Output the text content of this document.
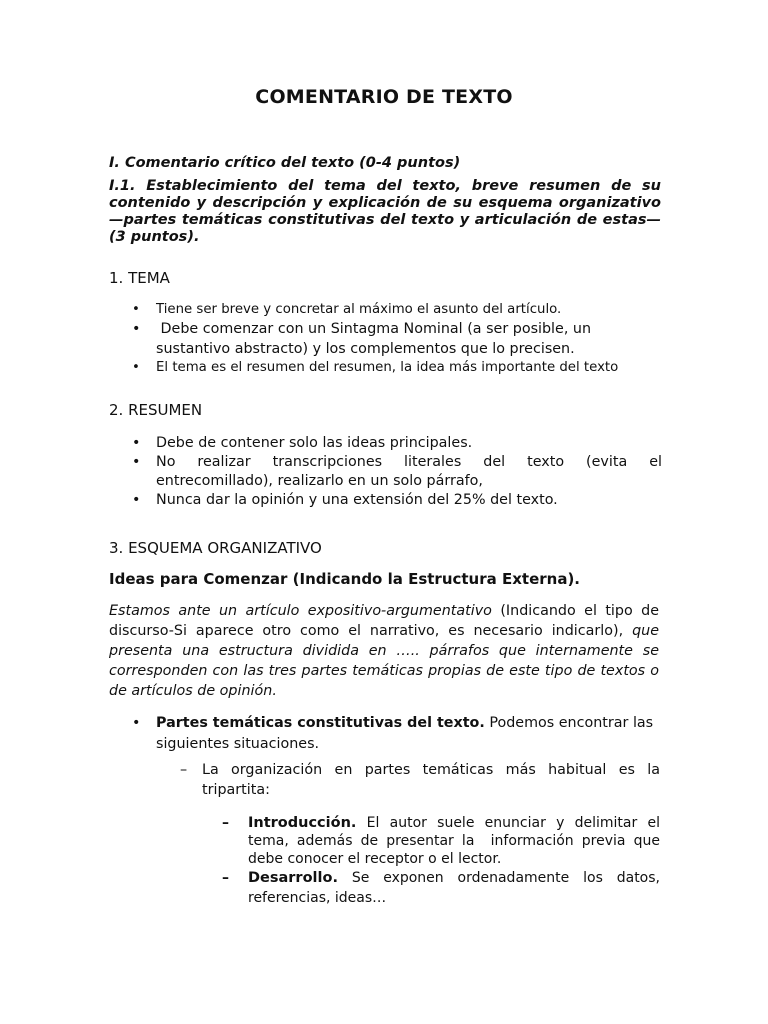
COMENTARIO DE TEXTO
I. Comentario crítico del texto (0-4 puntos)
I.1. Establecimiento del tema del texto, breve resumen de su contenido y descripción y explicación de su esquema organizativo —partes temáticas constitutivas del texto y articulación de estas— (3 puntos).
1. TEMA
• Tiene ser breve y concretar al máximo el asunto del artículo.
•  Debe comenzar con un Sintagma Nominal (a ser posible, un sustantivo abstracto) y los complementos que lo precisen.
• El tema es el resumen del resumen, la idea más importante del texto
2. RESUMEN
• Debe de contener solo las ideas principales.
• No realizar transcripciones literales del texto (evita el
entrecomillado), realizarlo en un solo párrafo,
• Nunca dar la opinión y una extensión del 25% del texto.
3. ESQUEMA ORGANIZATIVO
Ideas para Comenzar (Indicando la Estructura Externa).
Estamos ante un artículo expositivo-argumentativo (Indicando el tipo de discurso-Si aparece otro como el narrativo, es necesario indicarlo), que presenta una estructura dividida en ….. párrafos que internamente se corresponden con las tres partes temáticas propias de este tipo de textos o de artículos de opinión.
• Partes temáticas constitutivas del texto. Podemos encontrar las siguientes situaciones.
– La organización en partes temáticas más habitual es la tripartita:
– Introducción. El autor suele enunciar y delimitar el tema, además de presentar la  información previa que debe conocer el receptor o el lector.
– Desarrollo. Se exponen ordenadamente los datos, referencias, ideas…
